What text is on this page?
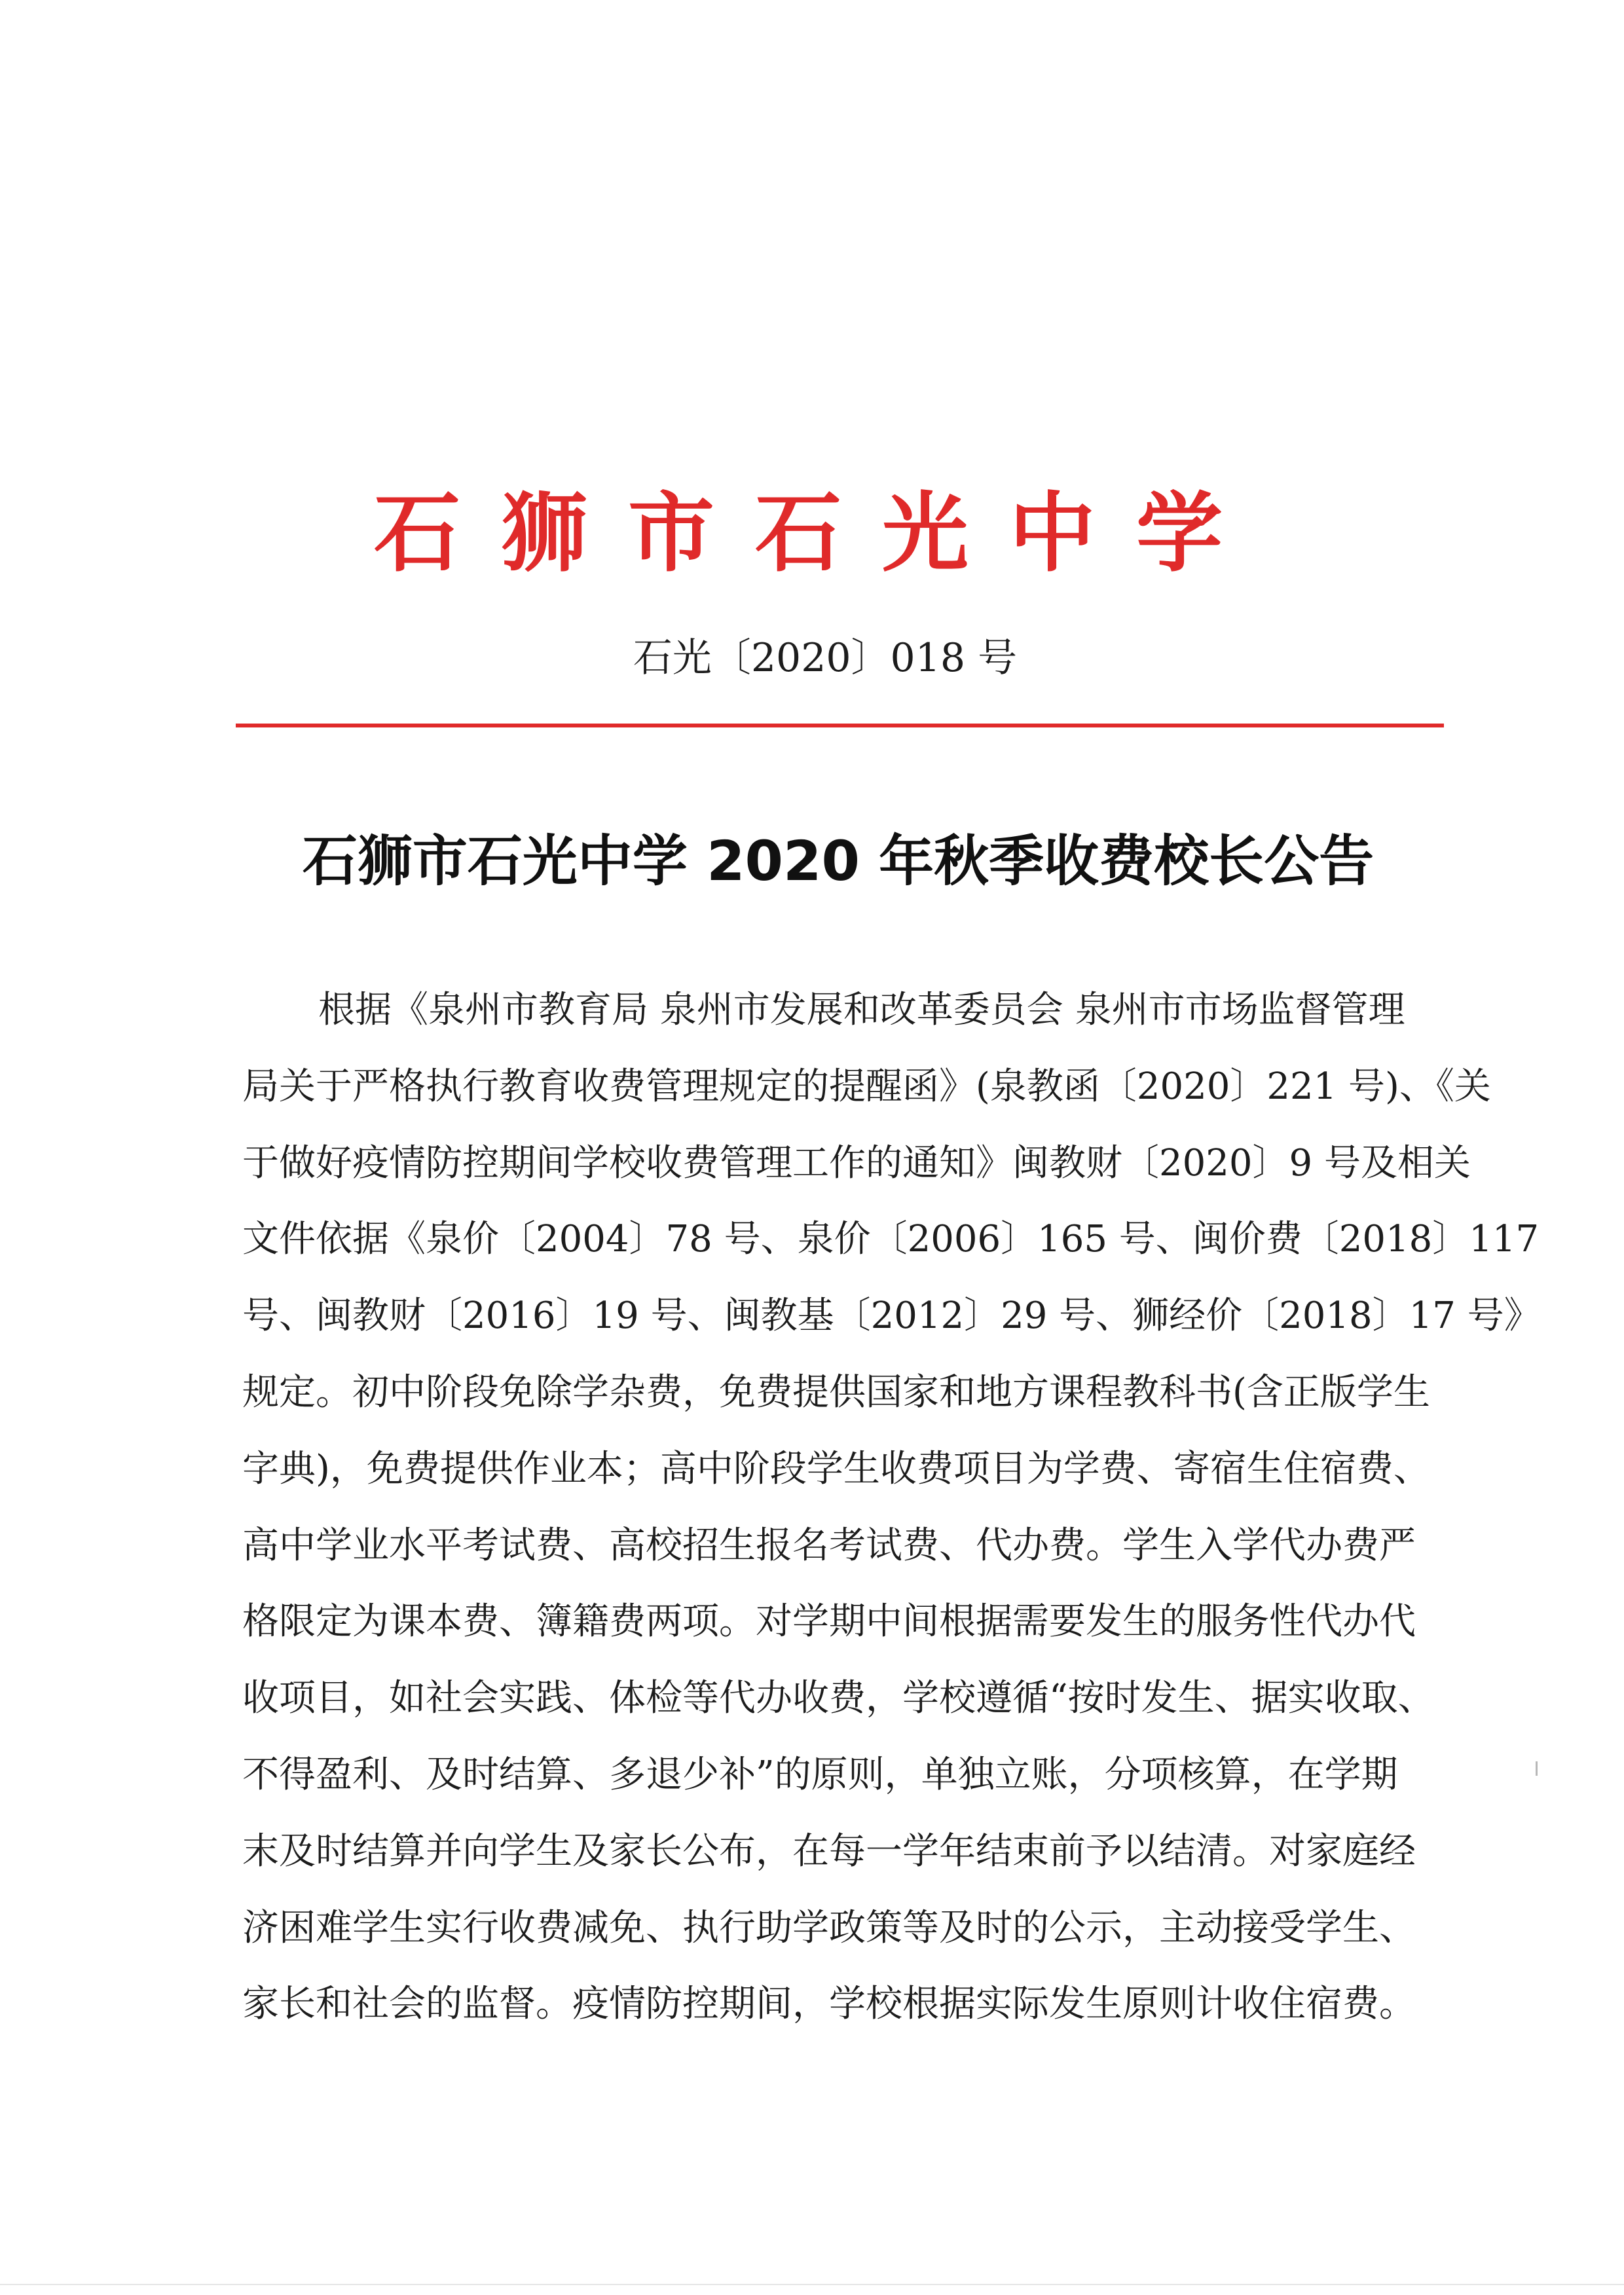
石狮市石光中学
石光〔2020〕018 号
石狮市石光中学 2020 年秋季收费校长公告
根据《泉州市教育局 泉州市发展和改革委员会 泉州市市场监督管理
局关于严格执行教育收费管理规定的提醒函》(泉教函〔2020〕221 号)、《关
于做好疫情防控期间学校收费管理工作的通知》闽教财〔2020〕9 号及相关
文件依据《泉价〔2004〕78 号、泉价〔2006〕165 号、闽价费〔2018〕117
号、闽教财〔2016〕19 号、闽教基〔2012〕29 号、狮经价〔2018〕17 号》
规定。初中阶段免除学杂费，免费提供国家和地方课程教科书(含正版学生
字典)，免费提供作业本；高中阶段学生收费项目为学费、寄宿生住宿费、
高中学业水平考试费、高校招生报名考试费、代办费。学生入学代办费严
格限定为课本费、簿籍费两项。对学期中间根据需要发生的服务性代办代
收项目，如社会实践、体检等代办收费，学校遵循“按时发生、据实收取、
不得盈利、及时结算、多退少补”的原则，单独立账，分项核算，在学期
末及时结算并向学生及家长公布，在每一学年结束前予以结清。对家庭经
济困难学生实行收费减免、执行助学政策等及时的公示，主动接受学生、
家长和社会的监督。疫情防控期间，学校根据实际发生原则计收住宿费。
